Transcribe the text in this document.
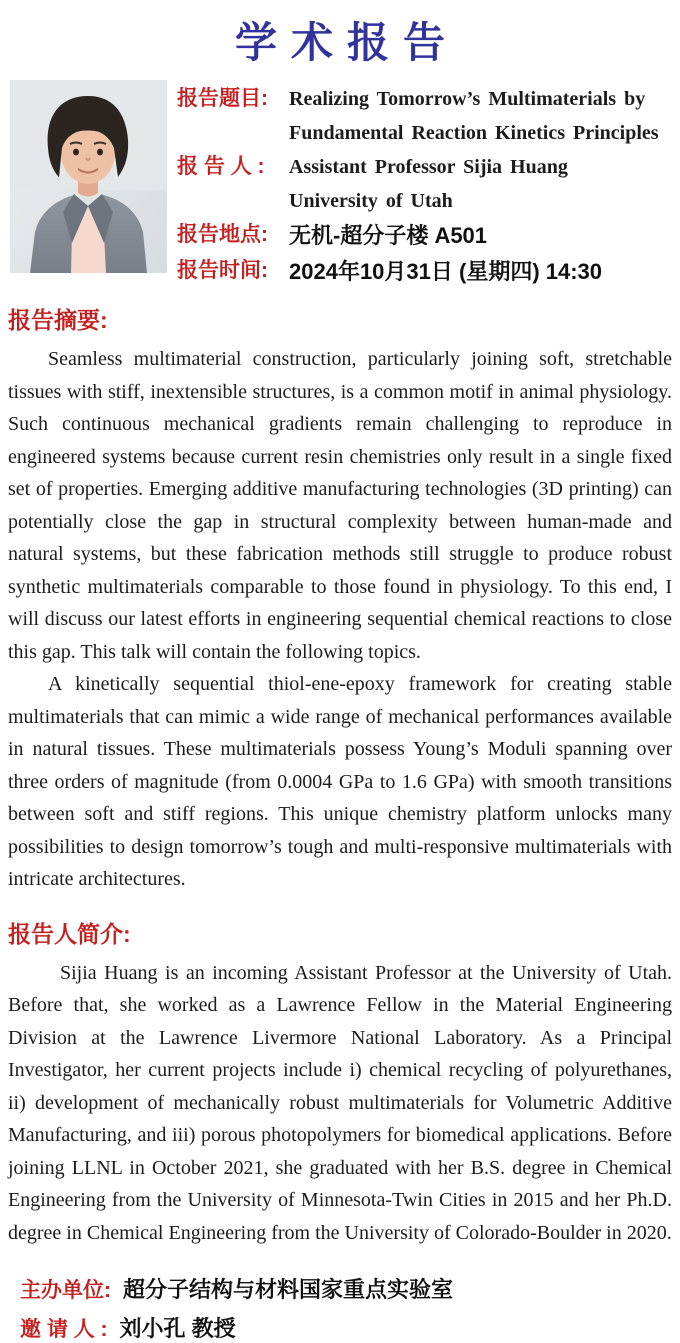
学术报告
报告题目:	Realizing Tomorrow’s Multimaterials by
Fundamental Reaction Kinetics Principles
报 告 人 :	Assistant Professor Sijia Huang
University of Utah
报告地点: 无机-超分子楼 A501
报告时间: 2024年10月31日 (星期四) 14:30
报告摘要:

Seamless multimaterial construction, particularly joining soft, stretchable tissues with stiff, inextensible structures, is a common motif in animal physiology. Such continuous mechanical gradients remain challenging to reproduce in engineered systems because current resin chemistries only result in a single fixed set of properties. Emerging additive manufacturing technologies (3D printing) can potentially close the gap in structural complexity between human-made and natural systems, but these fabrication methods still struggle to produce robust synthetic multimaterials comparable to those found in physiology. To this end, I will discuss our latest efforts in engineering sequential chemical reactions to close this gap. This talk will contain the following topics.

A kinetically sequential thiol-ene-epoxy framework for creating stable multimaterials that can mimic a wide range of mechanical performances available in natural tissues. These multimaterials possess Young’s Moduli spanning over three orders of magnitude (from 0.0004 GPa to 1.6 GPa) with smooth transitions between soft and stiff regions. This unique chemistry platform unlocks many possibilities to design tomorrow’s tough and multi-responsive multimaterials with intricate architectures.

报告人简介:

Sijia Huang is an incoming Assistant Professor at the University of Utah. Before that, she worked as a Lawrence Fellow in the Material Engineering Division at the Lawrence Livermore National Laboratory. As a Principal Investigator, her current projects include i) chemical recycling of polyurethanes, ii) development of mechanically robust multimaterials for Volumetric Additive Manufacturing, and iii) porous photopolymers for biomedical applications. Before joining LLNL in October 2021, she graduated with her B.S. degree in Chemical Engineering from the University of Minnesota-Twin Cities in 2015 and her Ph.D. degree in Chemical Engineering from the University of Colorado-Boulder in 2020.

主办单位: 超分子结构与材料国家重点实验室
邀 请 人 : 刘小孔 教授
